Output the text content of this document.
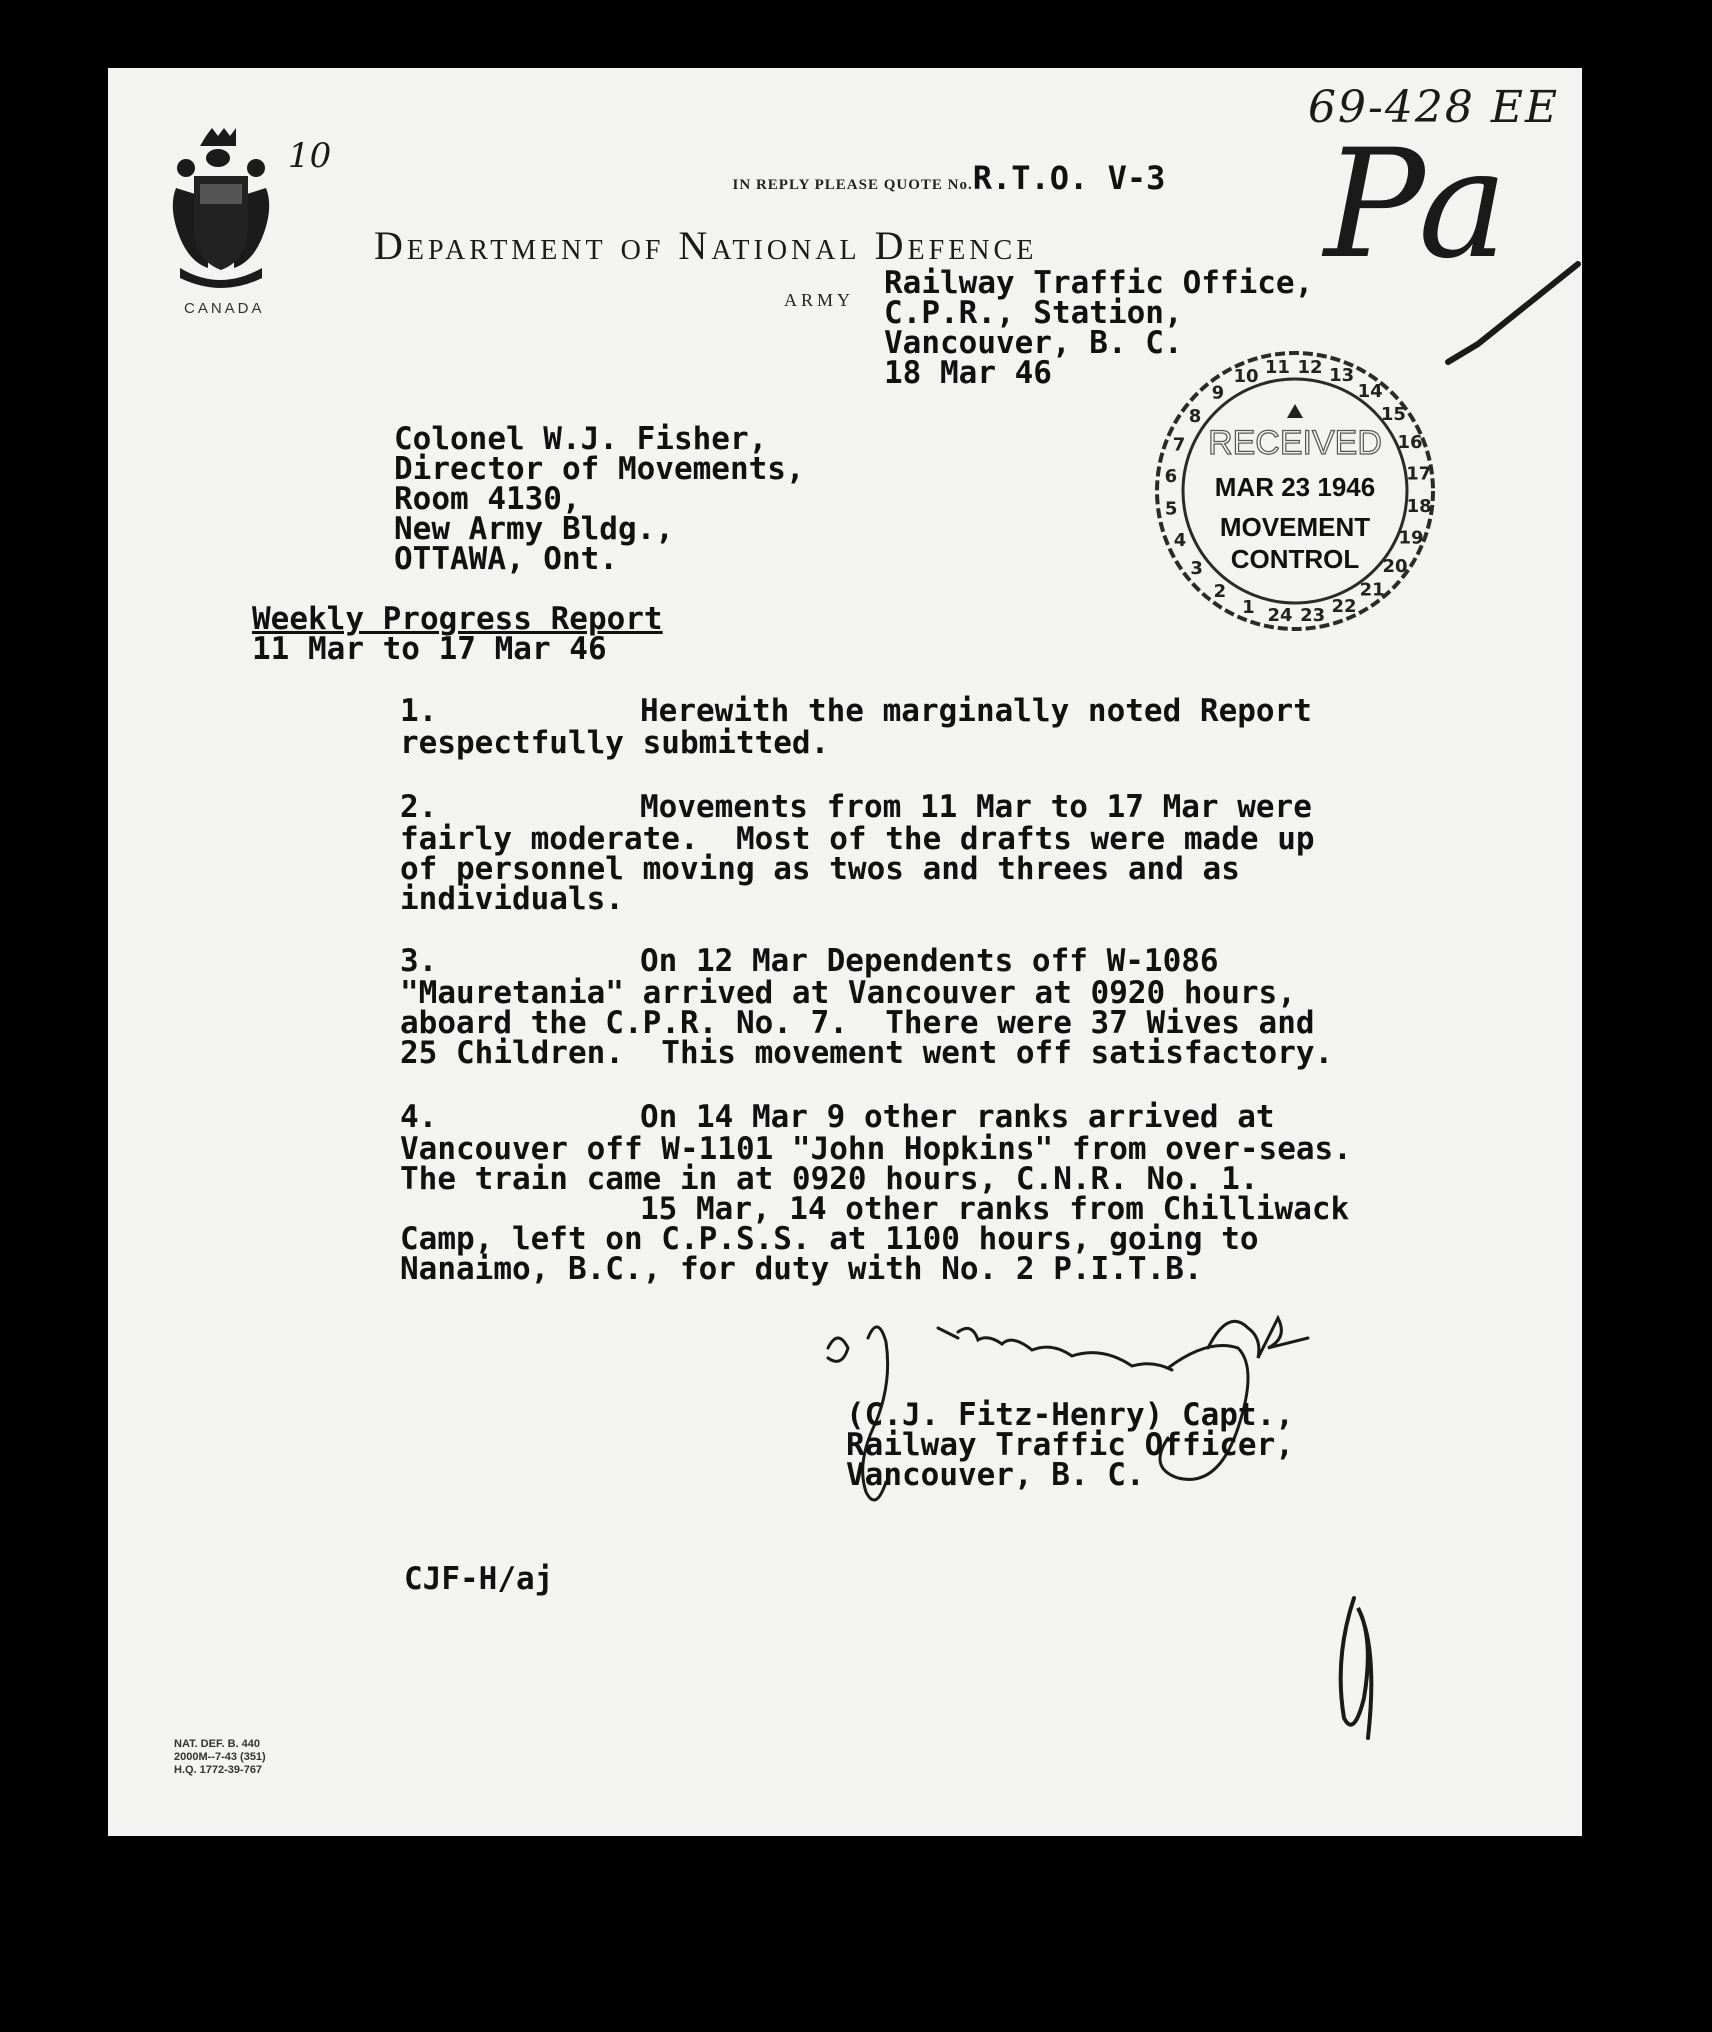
10

IN REPLY PLEASE QUOTE No.R.T.O. V-3

Department of National Defence
ARMY
CANADA
69-428 EE
Pa
Railway Traffic Office,
C.P.R., Station,
Vancouver, B. C.
18 Mar 46
Colonel W.J. Fisher,
Director of Movements,
Room 4130,
New Army Bldg.,
OTTAWA, Ont.
Weekly Progress Report
11 Mar to 17 Mar 46
1
2
3
4
5
6
7
8
9
10 11 12 13
14
15
16
17
18
19
20
21
22
23
24
RECEIVED
MAR 23 1946
MOVEMENT
CONTROL
1.	Herewith the marginally noted Report
respectfully submitted.
2.	Movements from 11 Mar to 17 Mar were
fairly moderate.  Most of the drafts were made up
of personnel moving as twos and threes and as
individuals.
3.	On 12 Mar Dependents off W-1086
"Mauretania" arrived at Vancouver at 0920 hours,
aboard the C.P.R. No. 7.  There were 37 Wives and
25 Children.  This movement went off satisfactory.
4.	On 14 Mar 9 other ranks arrived at
Vancouver off W-1101 "John Hopkins" from over-seas.
The train came in at 0920 hours, C.N.R. No. 1.
15 Mar, 14 other ranks from Chilliwack
Camp, left on C.P.S.S. at 1100 hours, going to
Nanaimo, B.C., for duty with No. 2 P.I.T.B.
(C.J. Fitz-Henry) Capt.,
Railway Traffic Officer,
Vancouver, B. C.
CJF-H/aj
NAT. DEF. B. 440
2000M--7-43 (351)
H.Q. 1772-39-767
